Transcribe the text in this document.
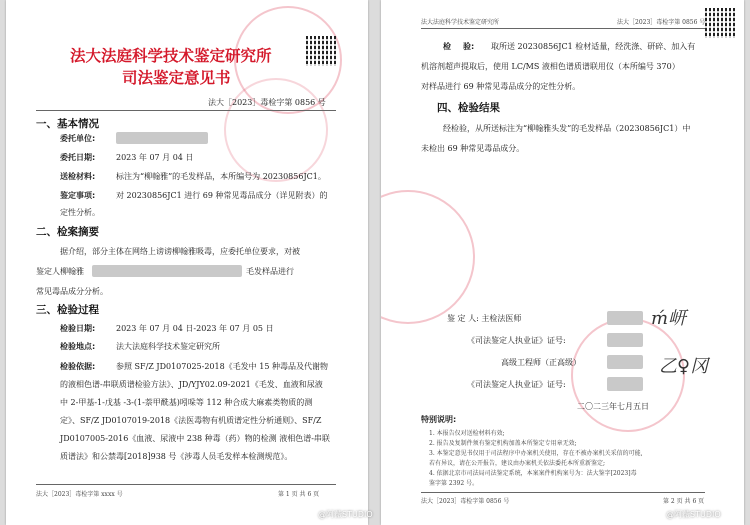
法大法庭科学技术鉴定研究所
司法鉴定意见书
法大［2023］毒检字第 0856 号
一、基本情况
委托单位:
委托日期:	2023 年 07 月 04 日
送检材料:	标注为“柳翰雅”的毛发样品，本所编号为 20230856JC1。
鉴定事项:	对 20230856JC1 进行 69 种常见毒品成分（详见附表）的
定性分析。
二、检案摘要
据介绍，部分主体在网络上谤谤柳翰雅吸毒，应委托单位要求，对被
鉴定人柳翰雅	毛发样品进行
常见毒品成分分析。
三、检验过程
检验日期:	2023 年 07 月 04 日-2023 年 07 月 05 日
检验地点:	法大法庭科学技术鉴定研究所
检验依据:	参照 SF/Z JD0107025-2018《毛发中 15 种毒品及代谢物
的液相色谱-串联质谱检验方法》、JD/YJY02.09-2021《毛发、血液和尿液
中 2-甲基-1-戊基 -3-(1-萘甲酰基)吲哚等 112 种合成大麻素类物质的测
定》、SF/Z JD0107019-2018《法医毒物有机质谱定性分析通则》、SF/Z
JD0107005-2016《血液、尿液中 238 种毒（药）物的检测 液相色谱-串联
质谱法》和公禁毒[2018]938 号《涉毒人员毛发样本检测规范》。
法大［2023］毒检字第 xxxx 号	第 1 页 共 6 页
法大法庭科学技术鉴定研究所	法大［2023］毒检字第 0856 号
检 验: 取所送 20230856JC1 检材适量，经洗涤、研碎、加入有
机溶剂超声提取后，使用 LC/MS 液相色谱质谱联用仪（本所编号 370）
对样品进行 69 种常见毒品成分的定性分析。
四、检验结果
经检验，从所送标注为“柳翰雅头发”的毛发样品（20230856JC1）中
未检出 69 种常见毒品成分。
鉴 定 人: 主检法医师	ḿ岍
《司法鉴定人执业证》证号:
高级工程师（正高级）	乙♀冈
《司法鉴定人执业证》证号:
二〇二三年七月五日
特别说明:
1. 本报告仅对送检材料有效;
2. 报告及复制件须有鉴定机构加盖本所鉴定专用章无效;
3. 本鉴定意见书仅用于司法程序中办案机关使用，存在不被办案机关采信的可能,
若有异议，请在公开报告，建议由办案机关依法委托本所重新鉴定;
4. 依据北京市司法局司法鉴定系统，本案案件机构案号为：法大鉴字[2023]毒
鉴字第 2392 号。
法大［2023］毒检字第 0856 号	第 2 页 共 6 页
@阿薇STUDIO	@阿薇STUDIO
